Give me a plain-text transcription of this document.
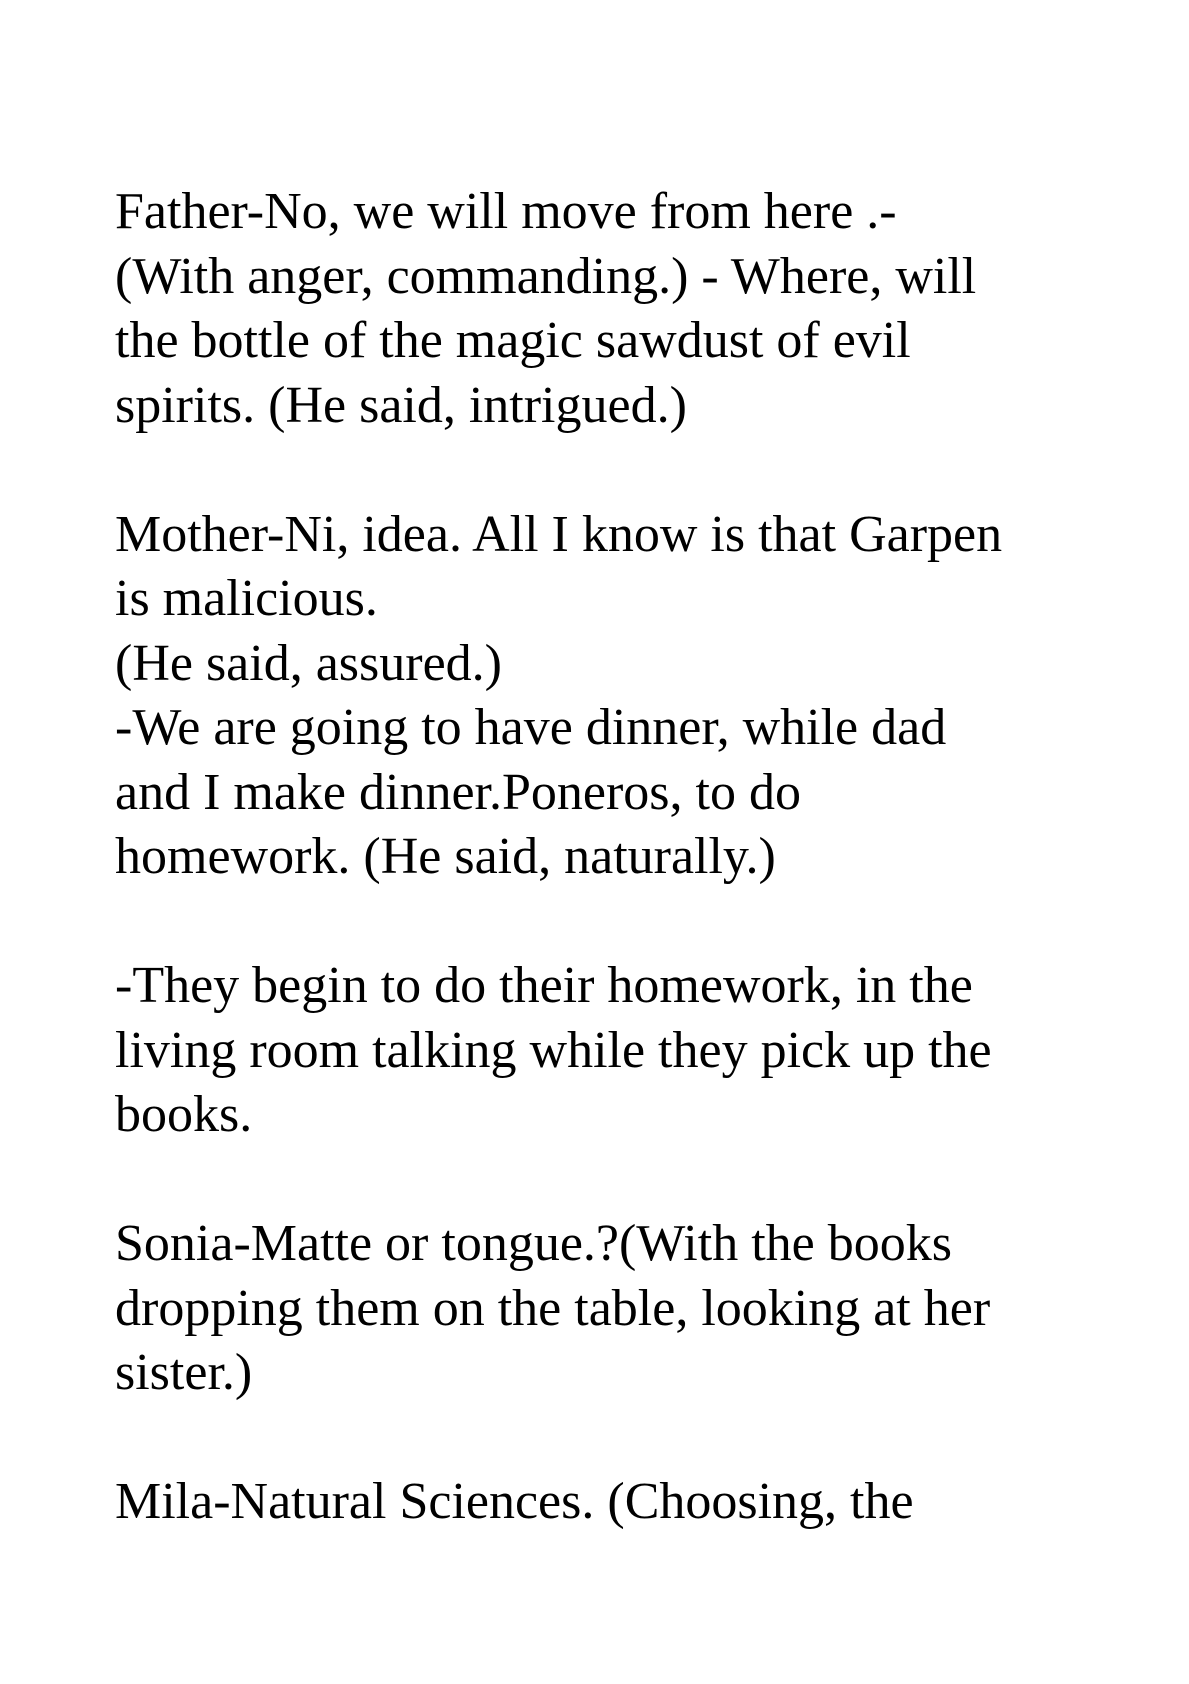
Father-No, we will move from here .-
(With anger, commanding.) - Where, will
the bottle of the magic sawdust of evil
spirits. (He said, intrigued.)
Mother-Ni, idea. All I know is that Garpen
is malicious.
(He said, assured.)
-We are going to have dinner, while dad
and I make dinner.Poneros, to do
homework. (He said, naturally.)
-They begin to do their homework, in the
living room talking while they pick up the
books.
Sonia-Matte or tongue.?(With the books
dropping them on the table, looking at her
sister.)
Mila-Natural Sciences. (Choosing, the
